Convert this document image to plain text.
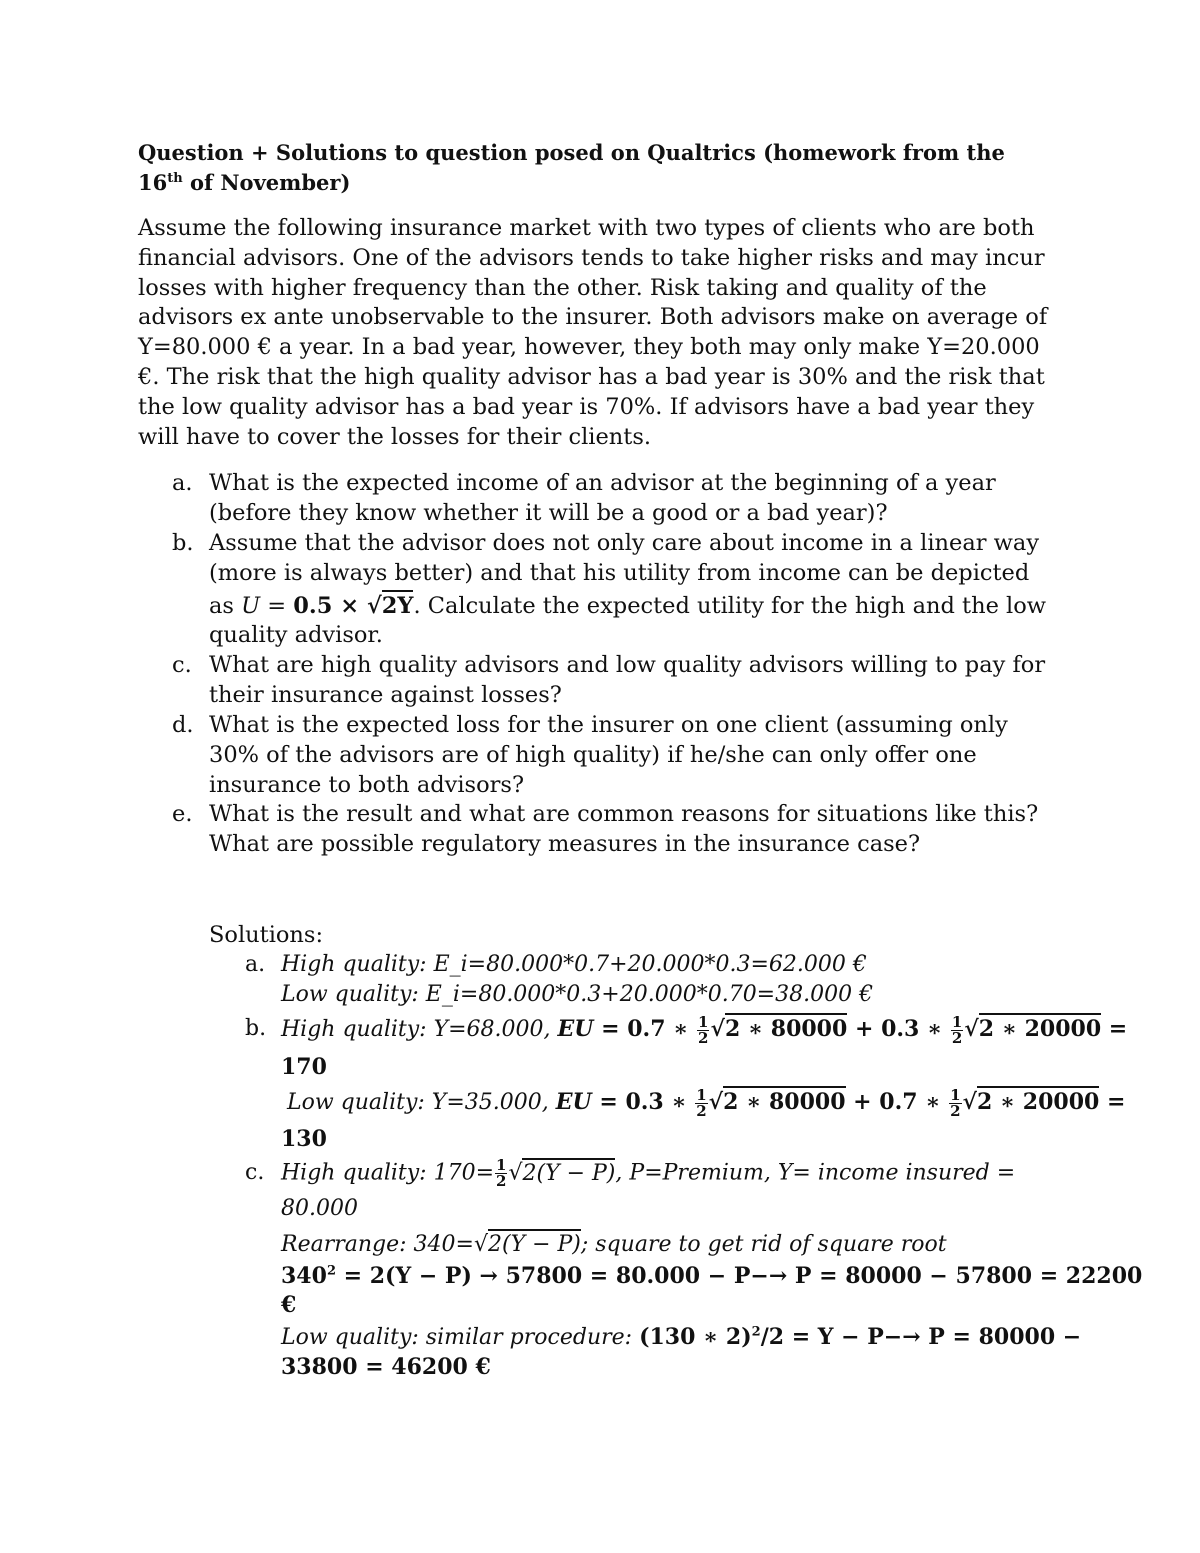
Question + Solutions to question posed on Qualtrics (homework from the
16th of November)
Assume the following insurance market with two types of clients who are both
financial advisors. One of the advisors tends to take higher risks and may incur
losses with higher frequency than the other. Risk taking and quality of the
advisors ex ante unobservable to the insurer. Both advisors make on average of
Y=80.000 € a year. In a bad year, however, they both may only make Y=20.000
€. The risk that the high quality advisor has a bad year is 30% and the risk that
the low quality advisor has a bad year is 70%. If advisors have a bad year they
will have to cover the losses for their clients.
a. What is the expected income of an advisor at the beginning of a year
(before they know whether it will be a good or a bad year)?
b. Assume that the advisor does not only care about income in a linear way
(more is always better) and that his utility from income can be depicted
as U = 0.5 × √2Y. Calculate the expected utility for the high and the low
quality advisor.
c. What are high quality advisors and low quality advisors willing to pay for
their insurance against losses?
d. What is the expected loss for the insurer on one client (assuming only
30% of the advisors are of high quality) if he/she can only offer one
insurance to both advisors?
e. What is the result and what are common reasons for situations like this?
What are possible regulatory measures in the insurance case?
Solutions:
a. High quality: E_i=80.000*0.7+20.000*0.3=62.000 €
Low quality: E_i=80.000*0.3+20.000*0.70=38.000 €
b. High quality: Y=68.000, EU = 0.7 ∗ $\frac{1}{2} √2$ ∗ 80000 + 0.3 ∗ $\frac{1}{2} √2$ ∗ 20000 =
170
Low quality: Y=35.000, EU = 0.3 ∗ $\frac{1}{2} √2$ ∗ 80000 + 0.7 ∗ $\frac{1}{2} √2$ ∗ 20000 =
130
c. High quality: $170= \frac{1}{2} √2(Y - P)$, P=Premium, Y= income insured =
80.000
Rearrange: 340=√2(Y − P); square to get rid of square root
$340^2 = 2(Y - P) \to 57800 = 80.000 - P-\to P = 80000 - 57800 = 22200$
€
Low quality: similar procedure: (130 ∗ 2)$^2$/2 = Y − P−→ P = 80000 −
33800 = 46200 €
